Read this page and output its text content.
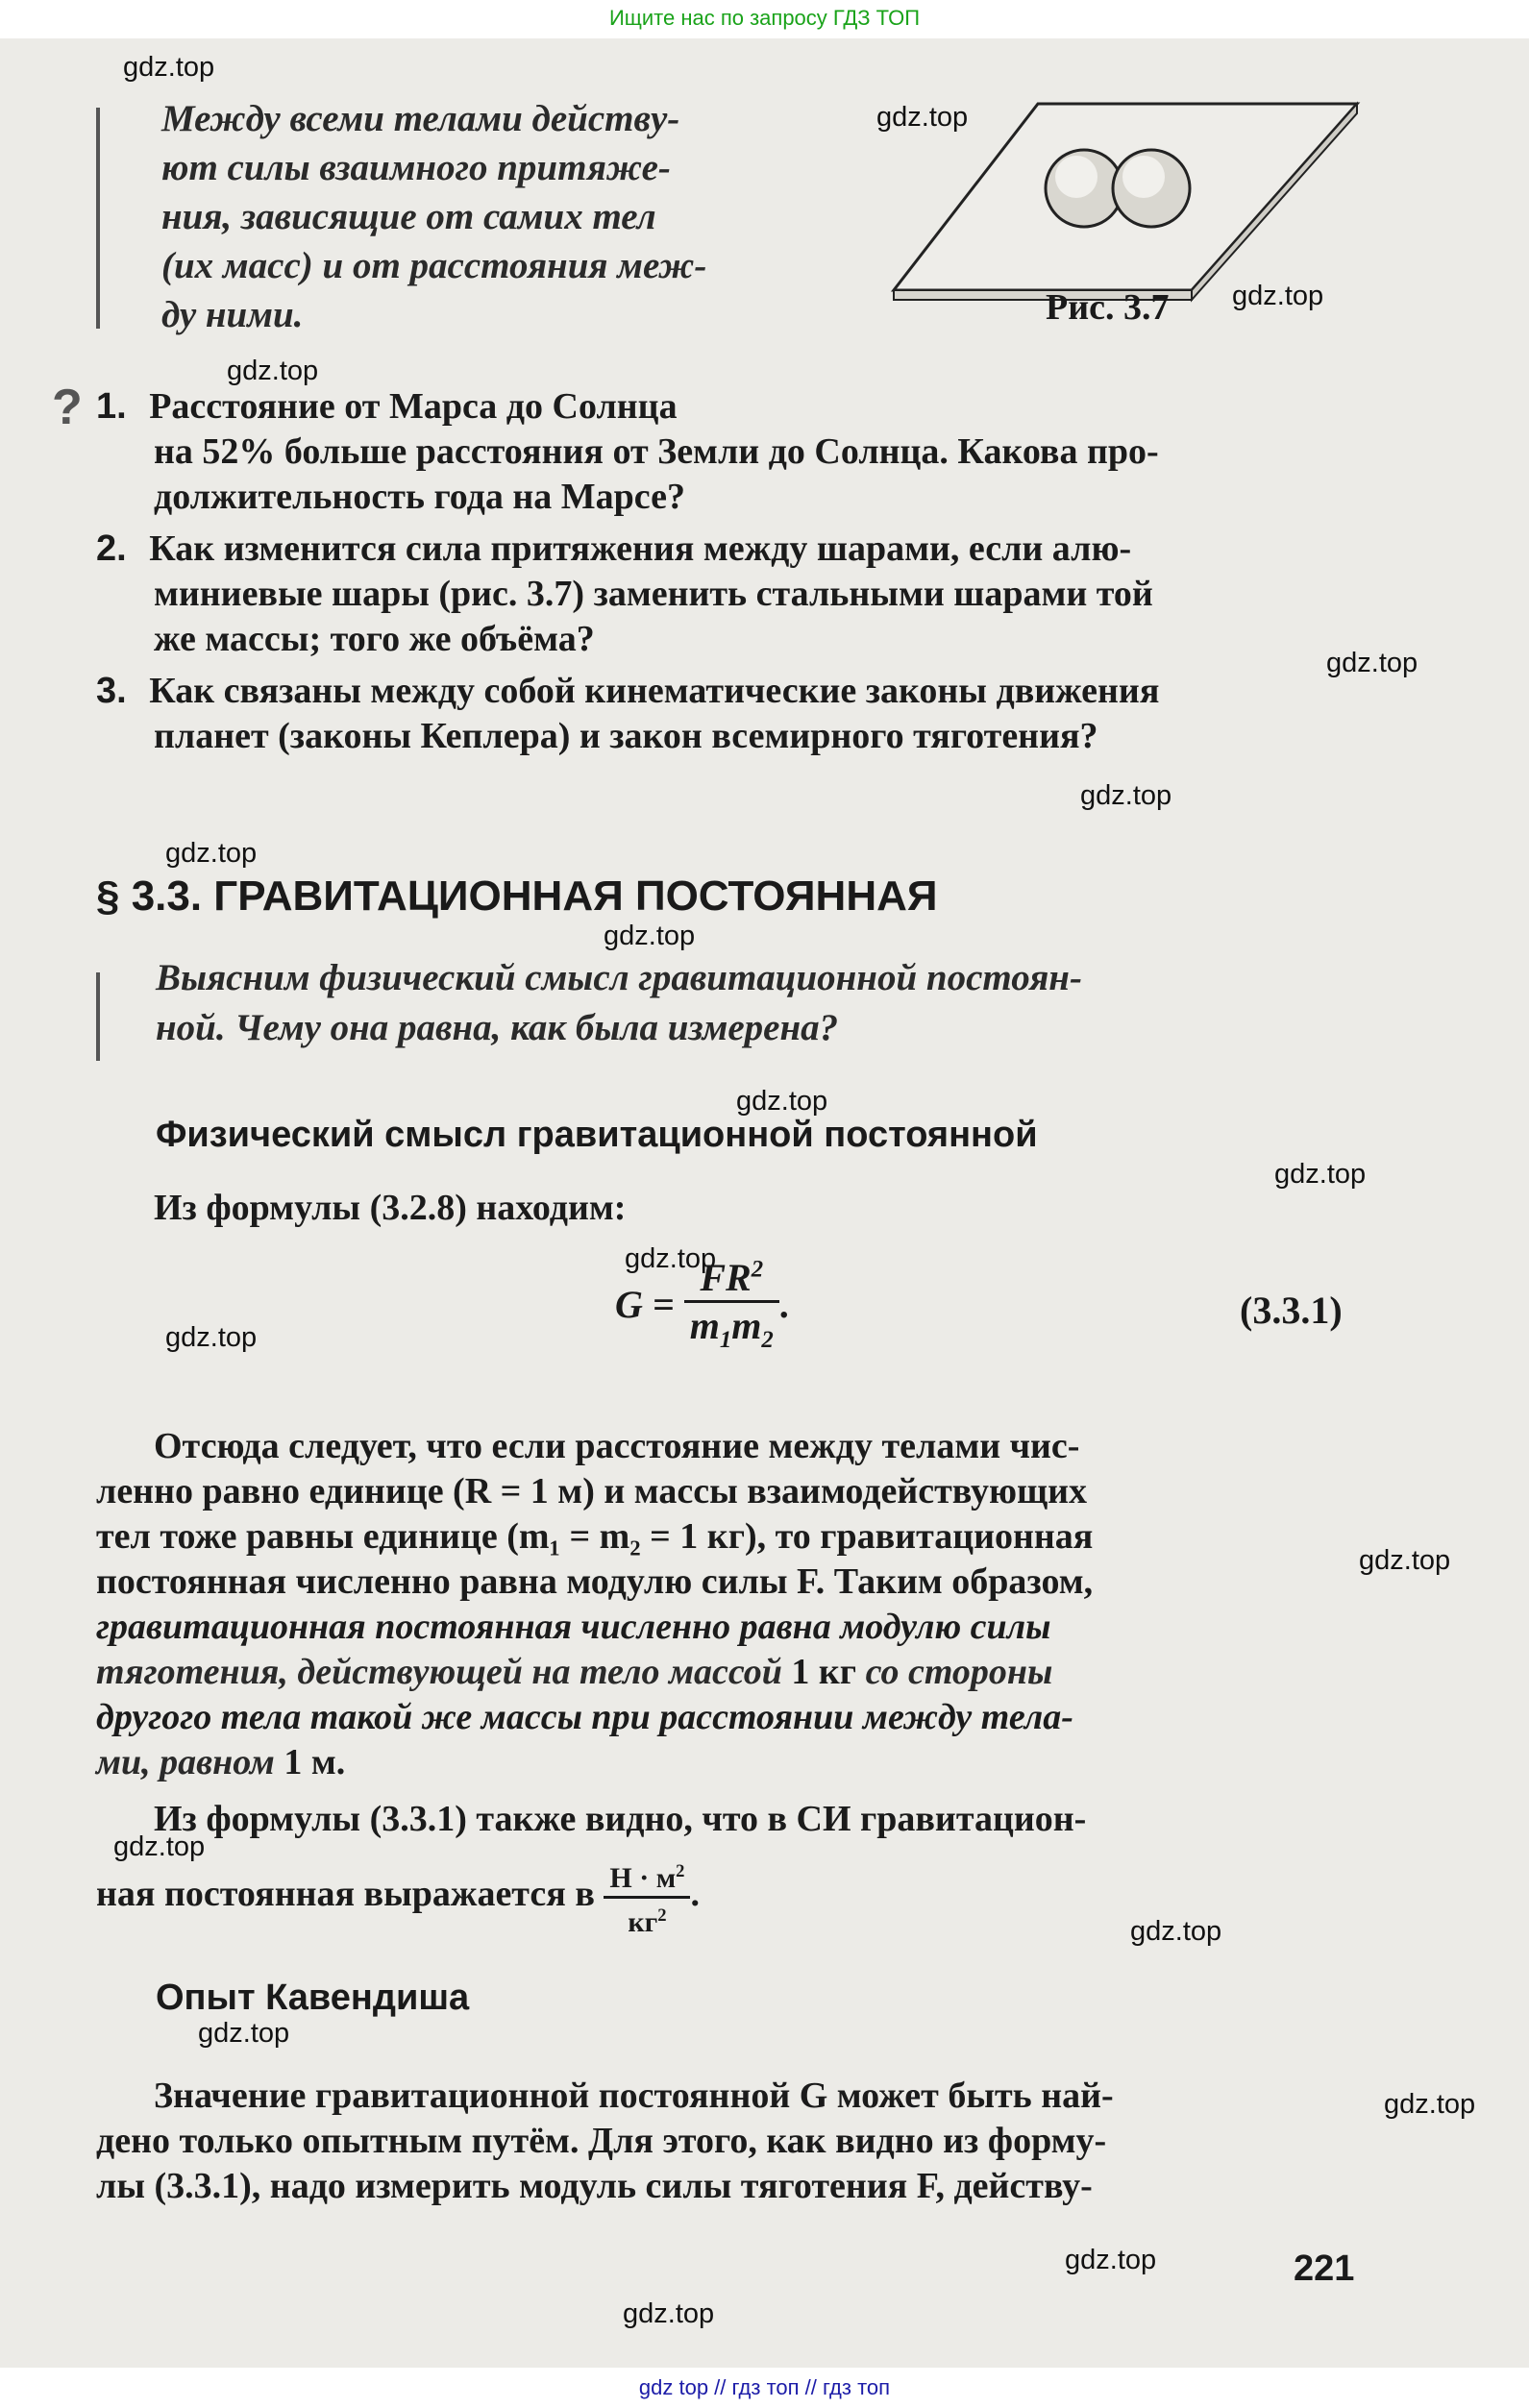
Ищите нас по запросу ГДЗ ТОП
gdz.top
gdz.top
gdz.top
gdz.top
gdz.top
gdz.top
gdz.top
gdz.top
gdz.top
gdz.top
gdz.top
gdz.top
gdz.top
gdz.top
gdz.top
gdz.top
gdz.top
gdz.top
gdz.top
Между всеми телами действу-
ют силы взаимного притяже-
ния, зависящие от самих тел
(их масс) и от расстояния меж-
ду ними.	Рис. 3.7
? 1. Расстояние от Марса до Солнца
на 52% больше расстояния от Земли до Солнца. Какова про-
должительность года на Марсе?
2. Как изменится сила притяжения между шарами, если алю-
миниевые шары (рис. 3.7) заменить стальными шарами той
же массы; того же объёма?
3. Как связаны между собой кинематические законы движения
планет (законы Кеплера) и закон всемирного тяготения?
§ 3.3. ГРАВИТАЦИОННАЯ ПОСТОЯННАЯ
Выясним физический смысл гравитационной постоян-
ной. Чему она равна, как была измерена?
Физический смысл гравитационной постоянной
Из формулы (3.2.8) находим:
$G = \frac{FR^2}{m_1m_2}$ .	(3.3.1)
Отсюда следует, что если расстояние между телами чис-
ленно равно единице (R = 1 м) и массы взаимодействующих
тел тоже равны единице (m₁ = m₂ = 1 кг), то гравитационная
постоянная численно равна модулю силы F. Таким образом,
гравитационная постоянная численно равна модулю силы
тяготения, действующей на тело массой 1 кг со стороны
другого тела такой же массы при расстоянии между тела-
ми, равном 1 м.
Из формулы (3.3.1) также видно, что в СИ гравитацион-
ная постоянная выражается в $\frac{Н \cdot м^2}{кг^2}$ .
Опыт Кавендиша
Значение гравитационной постоянной G может быть най-
дено только опытным путём. Для этого, как видно из форму-
лы (3.3.1), надо измерить модуль силы тяготения F, действу-
221
gdz top // гдз топ // гдз топ
